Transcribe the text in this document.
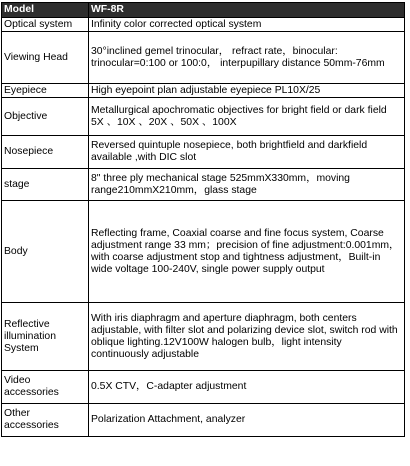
Model	WF-8R
Optical system	Infinity color corrected optical system
Viewing Head	30°inclined gemel trinocular， refract rate，binocular: trinocular=0:100 or 100:0， interpupillary distance 50mm-76mm
Eyepiece	High eyepoint plan adjustable eyepiece PL10X/25
Objective	Metallurgical apochromatic objectives for bright field or dark field 5X 、10X 、20X 、50X 、100X
Nosepiece	Reversed quintuple nosepiece, both brightfield and darkfield available ,with DIC slot
stage	8" three ply mechanical stage 525mmX330mm，moving range210mmX210mm，glass stage
Body	Reflecting frame, Coaxial coarse and fine focus system, Coarse adjustment range 33 mm；precision of fine adjustment:0.001mm，with coarse adjustment stop and tightness adjustment，Built-in wide voltage 100-240V, single power supply output
Reflective illumination System	With iris diaphragm and aperture diaphragm, both centers adjustable, with filter slot and polarizing device slot, switch rod with oblique lighting.12V100W halogen bulb，light intensity continuously adjustable
Video accessories	0.5X CTV，C-adapter adjustment
Other accessories	Polarization Attachment, analyzer
